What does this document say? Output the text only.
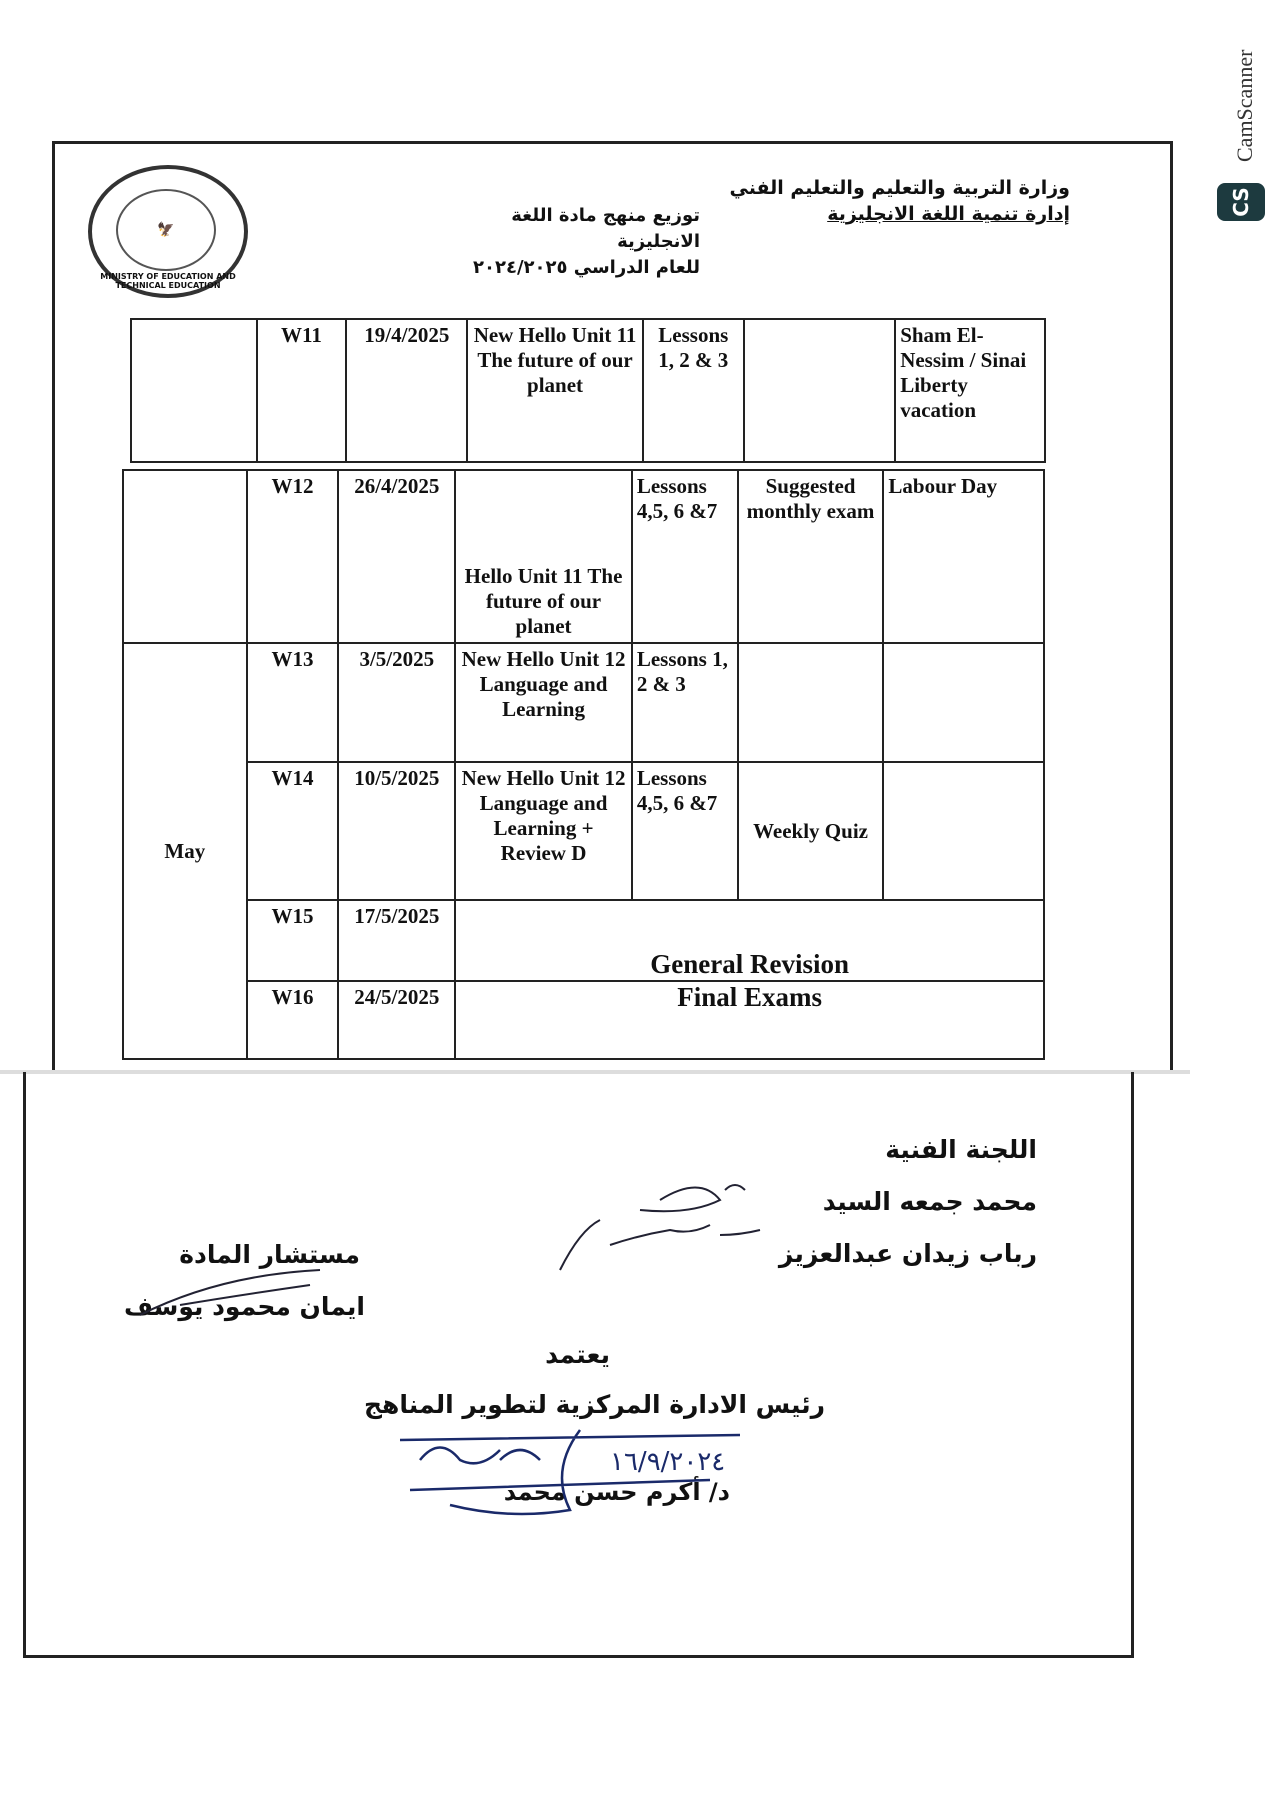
🦅
MINISTRY OF EDUCATION AND TECHNICAL EDUCATION
وزارة التربية والتعليم والتعليم الفني
إدارة تنمية اللغة الانجليزية
توزيع منهج مادة اللغة الانجليزية
للعام الدراسي ٢٠٢٤/٢٠٢٥
	W11	19/4/2025	New Hello Unit 11 The future of our planet	Lessons 1, 2 & 3		Sham El-Nessim / Sinai Liberty vacation
	W12	26/4/2025	Hello Unit 11 The future of our planet	Lessons 4,5, 6 &7	Suggested monthly exam	Labour Day
May	W13	3/5/2025	New Hello Unit 12 Language and Learning	Lessons 1, 2 & 3		
	W14	10/5/2025	New Hello Unit 12 Language and Learning + Review D	Lessons 4,5, 6 &7	Weekly Quiz	
	W15	17/5/2025	General Revision			
	W16	24/5/2025	Final Exams			
اللجنة الفنية
محمد جمعه السيد
رباب زيدان عبدالعزيز
مستشار المادة
ايمان محمود يوسف
يعتمد
رئيس الادارة المركزية لتطوير المناهج
د/ أكرم حسن محمد
١٦/٩/٢٠٢٤
CamScanner
CS
